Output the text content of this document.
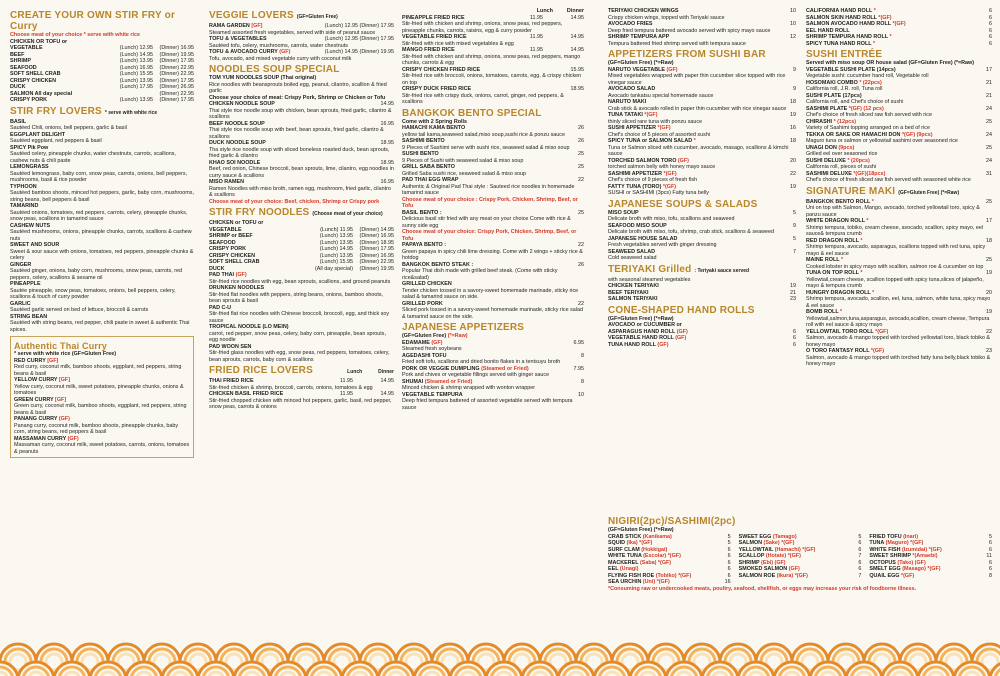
CREATE YOUR OWN STIR FRY or Curry

Choose meat of your choice * serve with white rice

CHICKEN OR TOFU or

VEGETABLE	(Lunch) 12.95	(Dinner) 16.95
BEEF	(Lunch) 14.95	(Dinner) 19.95
SHRIMP	(Lunch) 13.95	(Dinner) 17.95
SEAFOOD	(Lunch) 16.95	(Dinner) 22.95
SOFT SHELL CRAB	(Lunch) 15.95	(Dinner) 22.95
CRISPY CHICKEN	(Lunch) 13.95	(Dinner) 17.95
DUCK	(Lunch) 17.95	(Dinner) 26.95
SALMON All day special	(Dinner) 22.95
CRISPY PORK	(Lunch) 13.95	(Dinner) 17.95
STIR FRY LOVERS * serve with white rice
BASIL

Sautéed Chili, onions, bell peppers, garlic & basil

EGGPLANT DELIGHT

Sautéed eggplant, red peppers & basil

SPICY Pik Pow

Sautéed celery, pineapple chunks, water chestnuts, carrots, scallions, cashew nuts & chili paste

LEMONGRASS

Sautéed lemongrass, baby corn, snow peas, carrots, onions, bell peppers, mushrooms, basil & rice powder

TYPHOON

Sautéed bamboo shoots, minced hot peppers, garlic, baby corn, mushrooms, string beans, bell peppers & basil

TAMARIND

Sautéed onions, tomatoes, red peppers, carrots, celery, pineapple chunks, snow peas, scallions in tamarind sauce

CASHEW NUTS

Sautéed mushrooms, onions, pineapple chunks, carrots, scallions & cashew nuts

SWEET AND SOUR

Sweet & sour sauce with onions, tomatoes, red peppers, pineapple chunks & celery

GINGER

Sautéed ginger, onions, baby corn, mushrooms, snow peas, carrots, red peppers, celery, scallions & sesame oil

PINEAPPLE

Sautée pineapple, snow peas, tomatoes, onions, bell peppers, celery, scallions & touch of curry powder

GARLIC

Sautéed garlic served on bed of lettuce, broccoli & carrots

STRING BEAN

Sautéed with string beans, red pepper, chili paste in sweet & authentic Thai spices.

Authentic Thai Curry

* serve with white rice (GF=Gluten Free)

RED CURRY [GF]

Red curry, coconut milk, bamboo shoots, eggplant, red peppers, string beans & basil

YELLOW CURRY [GF]

Yellow curry, coconut milk, sweet potatoes, pineapple chunks, onions & tomatoes

GREEN CURRY [GF]

Green curry, coconut milk, bamboo shoots, eggplant, red peppers, string beans & basil

PANANG CURRY (GF)

Panang curry, coconut milk, bamboo shoots, pineapple chunks, baby corn, string beans, red peppers & basil

MASSAMAN CURRY (GF)

Massaman curry, coconut milk, sweet potatoes, carrots, onions, tomatoes & peanuts

VEGGIE LOVERS (GF=Gluten Free)
RAMA GARDEN [GF]	(Lunch) 12.95 (Dinner) 17.95

Steamed assorted fresh vegetables, served with side of peanut sauce

TOFU & VEGETABLES	(Lunch) 12.95 (Dinner) 17.95

Sautéed tofu, celery, mushrooms, carrots, water chestnuts

TOFU & AVOCADO CURRY (GF)	(Lunch) 14.95 (Dinner) 19.95

Tofu, avocado, and mixed vegetable curry with coconut milk

NOODLES SOUP SPECIAL

TOM YUM NOODLES SOUP (Thai original)

Rice noodles with beansprouts boiled egg, peanut, cilantro, scallion & fried garlic

Choose your choice of meat: Crispy Pork, Shrimp or Chicken or Tofu

CHICKEN NOODLE SOUP	14.95

Thai style rice noodle soup with chicken, bean sprouts, fried garlic, cilantro & scallions

BEEF NOODLE SOUP	16.95

Thai style rice noodle soup with beef, bean sprouts, fried garlic, cilantro & scallions

DUCK NOODLE SOUP	18.95

Tha style rice noodle soup with sliced boneless roasted duck, bean sprouts, fried garlic & cilantro

KHAO SOI NOODLE	18.95

Beef, red onion, Chinese broccoli, bean sprouts, lime, cilantro, egg noodles in curry sauce & scallions

MISO RAMEN	16.95

Ramen Noodles with miso broth, ramen egg, mushroom, fried garlic, cilantro & scallions

Choose meat of your choice: Beef, chicken, Shrimp or Crispy pork

STIR FRY NOODLES (Choose meat of your choice)

CHICKEN or TOFU or

VEGETABLE	(Lunch) 11.95	(Dinner) 14.95
SHRIMP or BEEF	(Lunch) 13.95	(Dinner) 16.95
SEAFOOD	(Lunch) 13.95	(Dinner) 18.95
CRISPY PORK	(Lunch) 14.95	(Dinner) 17.95
CRISPY CHICKEN	(Lunch) 13.95	(Dinner) 16.95
SOFT SHELL CRAB	(Lunch) 15.95	(Dinner) 22.95
DUCK	(All day special)	(Dinner) 19.95
PAD THAI (GF)

Stir-fried rice noodles with egg, bean sprouts, scallions, and ground peanuts

DRUNKEN NOODLES

Stir-fried flat noodles with peppers, string beans, onions, bamboo shoots, bean sprouts & basil

PAD C-U

Stir-fried flat rice noodles with Chinese broccoli, broccoli, egg, and thick soy sauce

TROPICAL NOODLE (LO MEIN)

carrot, red pepper, snow peas, celery, baby corn, pineapple, bean sprouts, egg noodle

PAD WOON SEN

Stir-fried glass noodles with egg, snow peas, red peppers, tomatoes, celery, bean sprouts, carrots, baby corn & scallions

FRIED RICE LOVERS	Lunch	Dinner
THAI FRIED RICE	11.95	14.95

Stir-fried chicken & shrimp, broccoli, carrots, onions, tomatoes & egg

CHICKEN BASIL FRIED RICE	11.95	14.95

Stir-fried chopped chicken with minced hot peppers, garlic, basil, red pepper, snow peas, carrots & onions

Lunch	Dinner
PINEAPPLE FRIED RICE	11.95	14.95

Stir-fried with chicken and shrimp, onions, snow peas, red peppers, pineapple chunks, carrots, raisins, egg & curry powder

VEGETABLE FRIED RICE	11.95	14.95

Stir-fried with rice with mixed vegetables & egg

MANGO FRIED RICE	11.95	14.95

Stir-fried with chicken and shrimp, onions, snow peas, red peppers, mango chunks, carrots & egg

CRISPY CHICKEN FRIED RICE	15.95

Stir-fried rice with broccoli, onions, tomatoes, carrots, egg, & crispy chicken on top

CRISPY DUCK FRIED RICE	18.95

Stir-fried rice with crispy duck, onions, carrot, ginger, red peppers, & scallions

BANGKOK BENTO SPECIAL

Come with 2 Spring Rolls

HAMACHI KAMA BENTO	26

yellow tail kama,seaweed salad,miso soup,sushi rice & ponzu sauce

SASHIMI BENTO	26

9 Pieces of Sashimi serve with sushi rice, seaweed salad & miso soup

SUSHI BENTO	25

9 Pieces of Sushi with seaweed salad & miso soup

GRILL SABA BENTO	25

Grilled Saba sushi rice, seaweed salad & miso soup

PAD THAI EGG WRAP	22

Authentic & Original Pad Thai style : Sauteed rice noodles in homemade tamarind sauce

Choose meat of your choice : Crispy Pork, Chicken, Shrimp, Beef, or Tofu

BASIL BENTO :	25

Delicious basil stir fried with any meat on your choice Come with rice & sunny side egg

Choose meat of your choice: Crispy Pork, Chicken, Shrimp, Beef, or Tofu

PAPAYA BENTO :	22

Green papaya in spicy chili lime dressing. Come with 2 wings + sticky rice & hotdog

BANGKOK BENTO STEAK :	26

Popular Thai dish made with grilled beef steak. (Come with sticky rice&salad)

GRILLED CHICKEN

Tender chicken tossed in a savory-sweet homemade marinade, sticky rice salad & tamarind sauce on side.

GRILLED PORK	22

Sliced pork tossed in a savory-sweet homemade marinade, sticky rice salad & tamarind sauce on the side.

JAPANESE APPETIZERS

(GF=Gluten Free) (*=Raw)

EDAMAME (GF)	6.95

Steamed fresh soybeans

AGEDASHI TOFU	8

Fried soft tofu, scallions and dried bonito flakes in a tentsuyu broth

PORK OR VEGGIE DUMPLING (Steamed or Fried)	7.95

Pork and chives or vegetable fillings served with ginger sauce

SHUMAI (Steamed or Fried)	8

Minced chicken & shrimp wrapped with wonton wrapper

VEGETABLE TEMPURA	10

Deep fried tempura battered of assorted vegetable served with tempura sauce

TERIYAKI CHICKEN WINGS	10

Crispy chicken wings, topped with Teriyaki sauce

AVOCADO FRIES	10

Deep fried tempura battered avocado served with spicy mayo sauce

SHRIMP TEMPURA APP	12

Tempura battered fried shrimp served with tempura sauce

APPETIZERS FROM SUSHI BAR

(GF=Gluten Free) (*=Raw)

NARUTO VEGETABLE (GF)	9

Mixed vegetables wrapped with paper thin cucumber slice topped with rice vinegar sauce

AVOCADO SALAD	9

Avocado tankatsu special homemade sauce

NARUTO MAKI	18

Crab stick & avocado rolled in paper thin cucumber with rice vinegar sauce

TUNA TATAKI *(GF)	19

thinly sliced rare tuna with ponzu sauce

SUSHI APPETIZER *(GF)	16

Chef's choice of 5 pieces of assorted sushi

SPICY TUNA or SALMON SALAD *	18

Tuna or Salmon sliced with cucumber, avocado, masago, scallions & kimchi sauce

TORCHED SALMON TORO (GF)	20

torched salmon belly with honey mayo sauce

SASHIMI APPETIZER *(GF)	22

Chef's choice of 9 pieces of fresh fish

FATTY TUNA (TORO) *(GF)	19

SUSHI or SASHIMI (3pcs) Fatty tuna belly

JAPANESE SOUPS & SALADS
MISO SOUP	5

Delicate broth with miso, tofu, scallions and seaweed

SEAFOOD MISO SOUP	9

Delicate broth with miso, tofu, shrimp, crab stick, scallions & seaweed

JAPANESE HOUSE SALAD	5

Fresh vegetables served with ginger dressing

SEAWEED SALAD	7

Cold seaweed salad

TERIYAKI Grilled : Teriyaki sauce served

with seasonal steamed vegetables

CHICKEN TERIYAKI	19
BEEF TERIYAKI	21
SALMON TERIYAKI	23
CONE-SHAPED HAND ROLLS

(GF=Gluten Free) (*=Raw)

AVOCADO or CUCUMBER or

ASPARAGUS HAND ROLL (GF)	6
VEGETABLE HAND ROLL (GF)	6
TUNA HAND ROLL (GF)	6
NIGIRI(2pc)/SASHIMI(2pc)

(GF=Gluten Free) (*=Raw)

CRAB STICK (Kanikama)	5
SQUID (Ika) *(GF)	5
SURF CLAM (Hokkigai)	6
WHITE TUNA (Escolar) *(GF)	6
MACKEREL (Saba) *(GF)	6
EEL (Unagi)	6
FLYING FISH ROE (Tobiko) *(GF)	6
SEA URCHIN (Uni) *(GF)	16
SWEET EGG (Tamago)	5
SALMON (Sake) *(GF)	6
YELLOWTAIL (Hamachi) *(GF)	6
SCALLOP (Hotate) *(GF)	7
SHRIMP (Ebi) (GF)	6
SMOKED SALMON (GF)	6
SALMON ROE (Ikura) *(GF)	7
FRIED TOFU (Inari)	5
TUNA (Maguro) *(GF)	6
WHITE FISH (Izumidai) *(GF)	6
SWEET SHRIMP *(Amaebi)	11
OCTOPUS (Tako) (GF)	6
SMELT EGG (Masago) *(GF)	6
QUAIL EGG *(GF)	8

*Consuming raw or undercooked meats, poultry, seafood, shellfish, or eggs may increase your risk of foodborne illness.

CALIFORNIA HAND ROLL *	6
SALMON SKIN HAND ROLL *(GF)	6
SALMON AVOCADO HAND ROLL *(GF)	6
EEL HAND ROLL	6
SHRIMP TEMPURA HAND ROLL *	6
SPICY TUNA HAND ROLL *	6
SUSHI ENTRÉE

Served with miso soup OR house salad (GF=Gluten Free) (*=Raw)

VEGETABLE SUSHI PLATE (14pcs)	17

Vegetable sushi: cucumber hand roll, Vegetable roll

HOSOMAKI COMBO * (22pcs)	21

California roll, J.R. roll, Tuna roll

SUSHI PLATE (17pcs)	21

California roll, and Chef's choice of sushi

SASHIMI PLATE *(GF) (12 pcs)	24

Chef's choice of fresh sliced raw fish served with rice

CHIRASHI * (12pcs)	25

Variety of Sashimi topping arranged on a bed of rice

TEKKA OR SAKE OR HAMACHI DON *(GF) (9pcs)	24

Maguro tuna or salmon or yellowtail sashimi over seasoned rice

UNAGI DON (9pcs)	25

Grilled eel over seasoned rice

SUSHI DELUXE * (20pcs)	24

California roll, pieces of sushi

SASHIMI DELUXE *(GF)(18pcs)	31

Chef's choice of fresh sliced raw fish served with seasoned white rice

SIGNATURE MAKI (GF=Gluten Free) (*=Raw)
BANGKOK BENTO ROLL *	25

Uni on top with Salmon, Mango, avocado, torched yellowtail toro, spicy & panzu sauce

WHITE DRAGON ROLL *	17

Shrimp tempura, tobiko, cream cheese, avocado, scallion, spicy mayo, eel sauce& tempura crumb

RED DRAGON ROLL *	18

Shrimp tempura, avocado, asparagus, scallions topped with red tuna, spicy mayo & eel sauce

MAINE ROLL *	25

Cooked lobster in spicy mayo with scallion, salmon roe & cucumber on top

TUNA ON TOP ROLL *	19

Yellowtail,cream cheese, scallion topped with spicy tuna,slices of jalapeño, mayo & tempura crumb

HUNGRY DRAGON ROLL *	20

Shrimp tempura, avocado, scallion, eel, tuna, salmon, white tuna, spicy mayo & eel sauce

BOMB ROLL *	19

Yellowtail,salmon,tuna,asparagus, avocado,scallion, cream cheese, Tempura roll with eel sauce & spicy mayo

YELLOWTAIL TORO ROLL *(GF)	22

Salmon, avocado & mango topped with torched yellowtail toro, black tobiko & honey mayo

O TORO FANTASY ROLL *(GF)	23

Salmon, avocado & mango topped with torched fatty tuna belly,black tobiko & honey mayo
